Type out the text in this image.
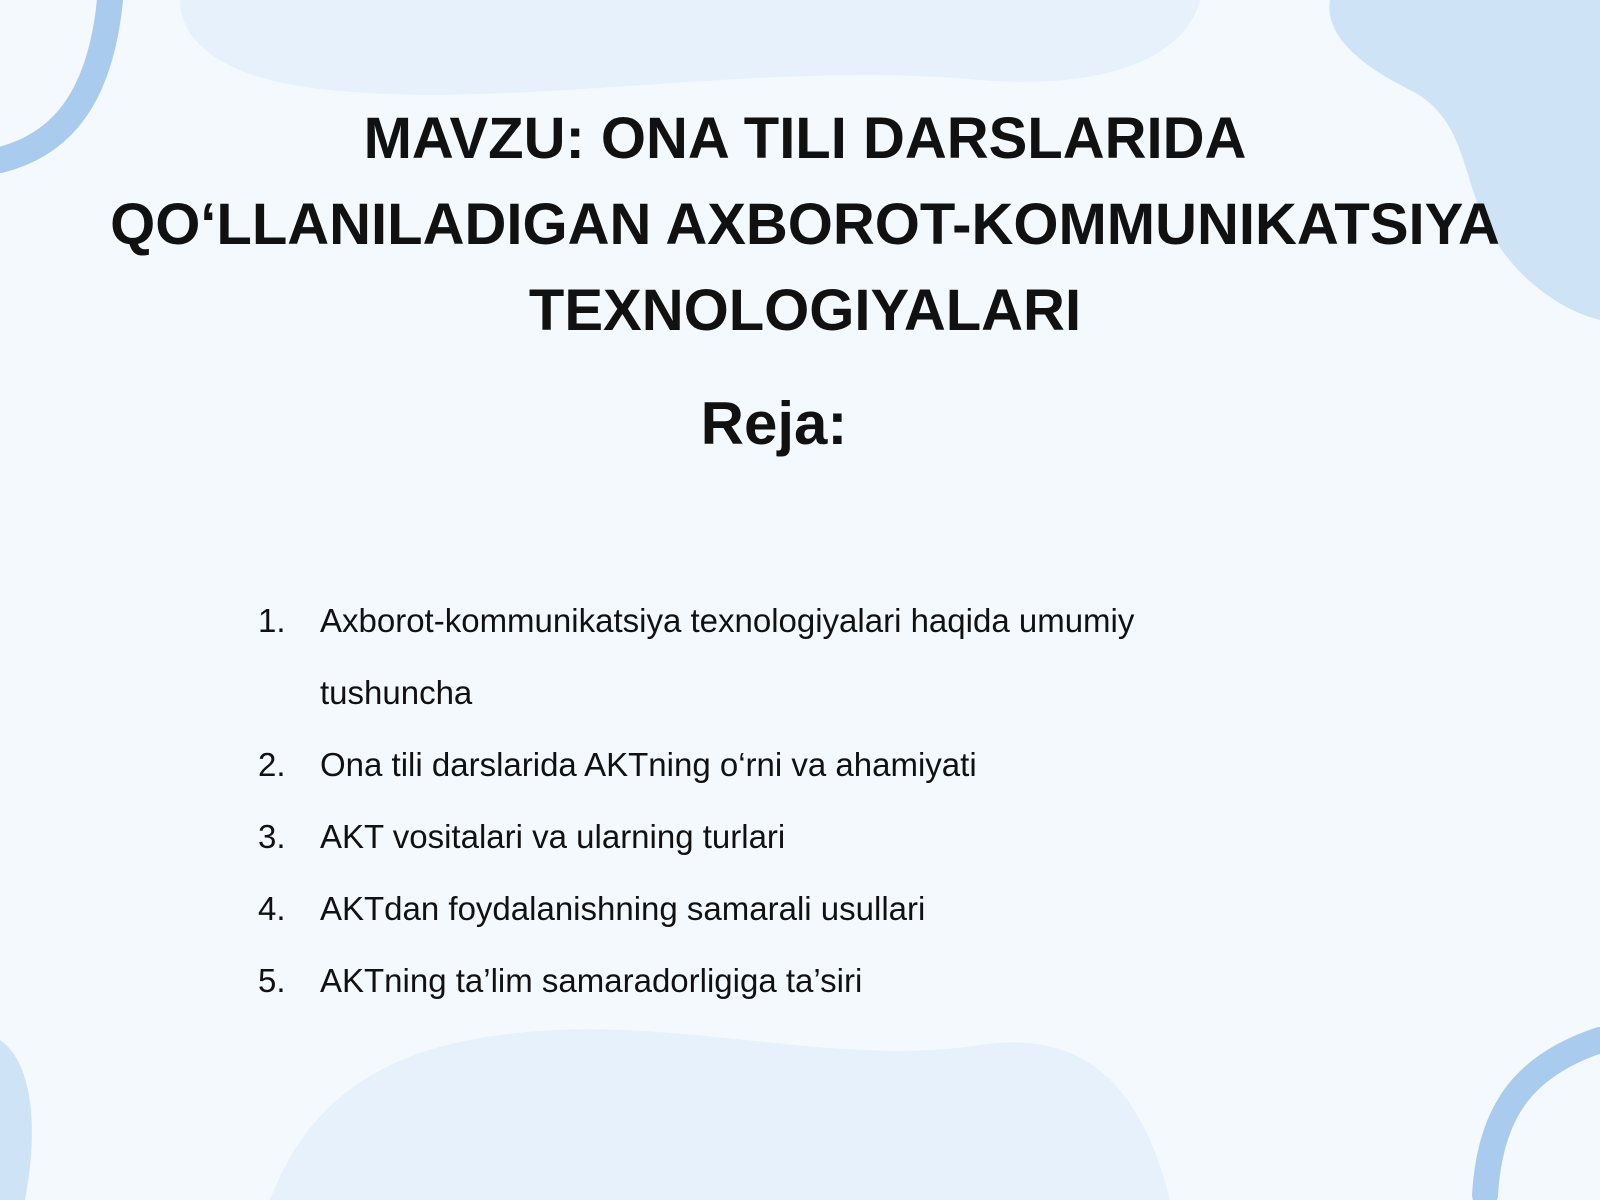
MAVZU: ONA TILI DARSLARIDA
QO‘LLANILADIGAN AXBOROT-KOMMUNIKATSIYA
TEXNOLOGIYALARI
Reja:
1. Axborot-kommunikatsiya texnologiyalari haqida umumiy tushuncha
2. Ona tili darslarida AKTning o‘rni va ahamiyati
3. AKT vositalari va ularning turlari
4. AKTdan foydalanishning samarali usullari
5. AKTning ta’lim samaradorligiga ta’siri
